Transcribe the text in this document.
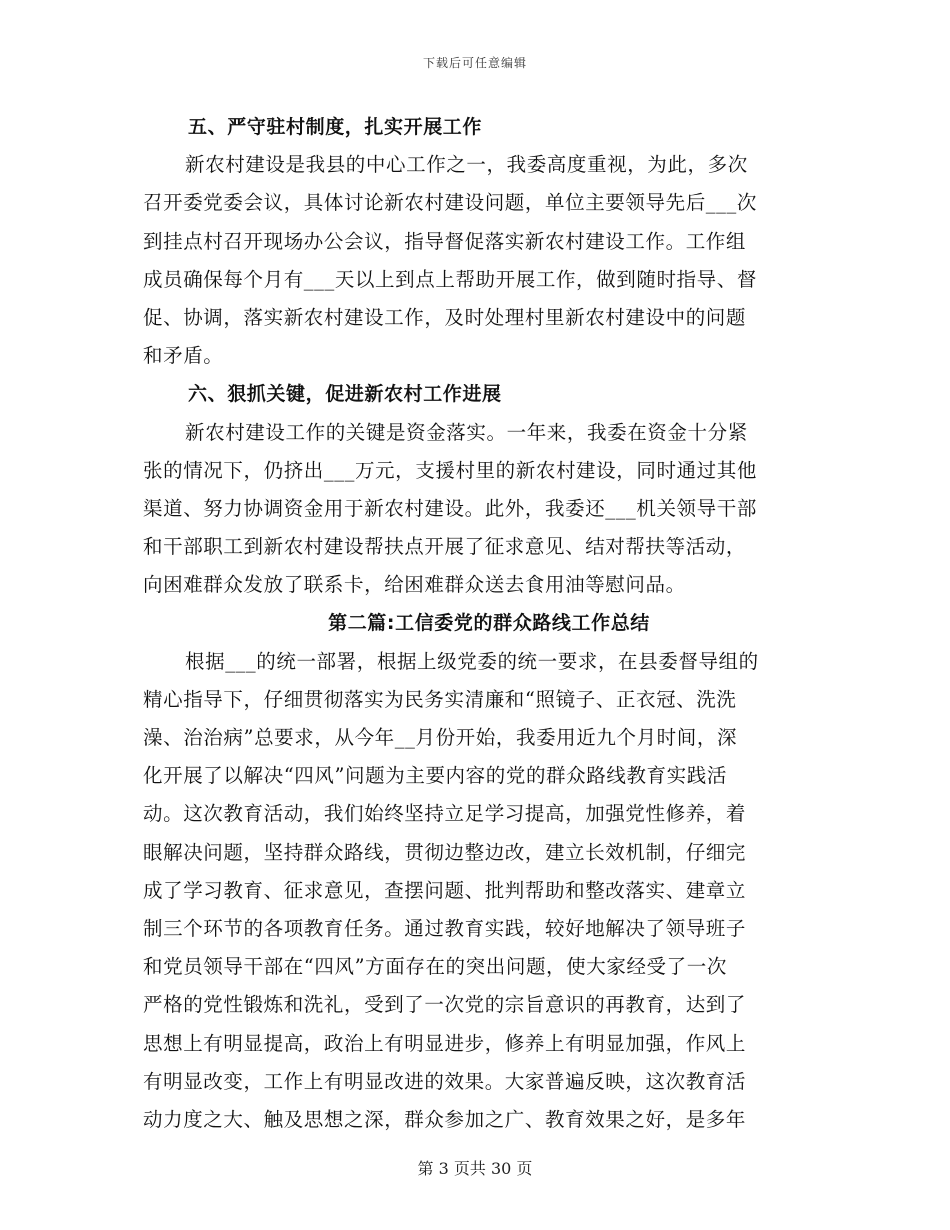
下载后可任意编辑
五、严守驻村制度，扎实开展工作
新农村建设是我县的中心工作之一，我委高度重视，为此，多次
召开委党委会议，具体讨论新农村建设问题，单位主要领导先后___次
到挂点村召开现场办公会议，指导督促落实新农村建设工作。工作组
成员确保每个月有___天以上到点上帮助开展工作，做到随时指导、督
促、协调，落实新农村建设工作，及时处理村里新农村建设中的问题
和矛盾。
六、狠抓关键，促进新农村工作进展
新农村建设工作的关键是资金落实。一年来，我委在资金十分紧
张的情况下，仍挤出___万元，支援村里的新农村建设，同时通过其他
渠道、努力协调资金用于新农村建设。此外，我委还___机关领导干部
和干部职工到新农村建设帮扶点开展了征求意见、结对帮扶等活动，
向困难群众发放了联系卡，给困难群众送去食用油等慰问品。
第二篇:工信委党的群众路线工作总结
根据___的统一部署，根据上级党委的统一要求，在县委督导组的
精心指导下，仔细贯彻落实为民务实清廉和“照镜子、正衣冠、洗洗
澡、治治病”总要求，从今年__月份开始，我委用近九个月时间，深
化开展了以解决“四风”问题为主要内容的党的群众路线教育实践活
动。这次教育活动，我们始终坚持立足学习提高，加强党性修养，着
眼解决问题，坚持群众路线，贯彻边整边改，建立长效机制，仔细完
成了学习教育、征求意见，查摆问题、批判帮助和整改落实、建章立
制三个环节的各项教育任务。通过教育实践，较好地解决了领导班子
和党员领导干部在“四风”方面存在的突出问题，使大家经受了一次
严格的党性锻炼和洗礼，受到了一次党的宗旨意识的再教育，达到了
思想上有明显提高，政治上有明显进步，修养上有明显加强，作风上
有明显改变，工作上有明显改进的效果。大家普遍反映，这次教育活
动力度之大、触及思想之深，群众参加之广、教育效果之好，是多年
第 3 页共 30 页
